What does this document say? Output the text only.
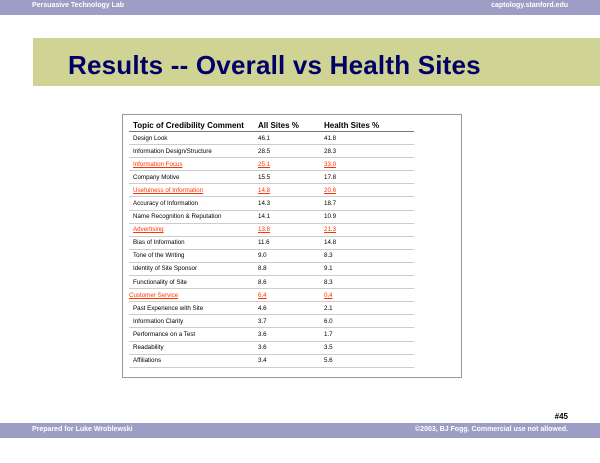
Persuasive Technology Lab	captology.stanford.edu
Results -- Overall vs Health Sites
Topic of Credibility Comment	All Sites %	Health Sites %
Design Look	46.1	41.8
Information Design/Structure	28.5	28.3
Information Focus	25.1	33.0
Company Motive	15.5	17.8
Usefulness of Information	14.8	20.6
Accuracy of Information	14.3	18.7
Name Recognition & Reputation	14.1	10.9
Advertising	13.8	21.3
Bias of Information	11.6	14.8
Tone of the Writing	9.0	8.3
Identity of Site Sponsor	8.8	9.1
Functionality of Site	8.6	8.3
Customer Service	6.4	0.4
Past Experience with Site	4.6	2.1
Information Clarity	3.7	6.0
Performance on a Test	3.6	1.7
Readability	3.6	3.5
Affiliations	3.4	5.6
#45
Prepared for Luke Wroblewski	©2003, BJ Fogg. Commercial use not allowed.
